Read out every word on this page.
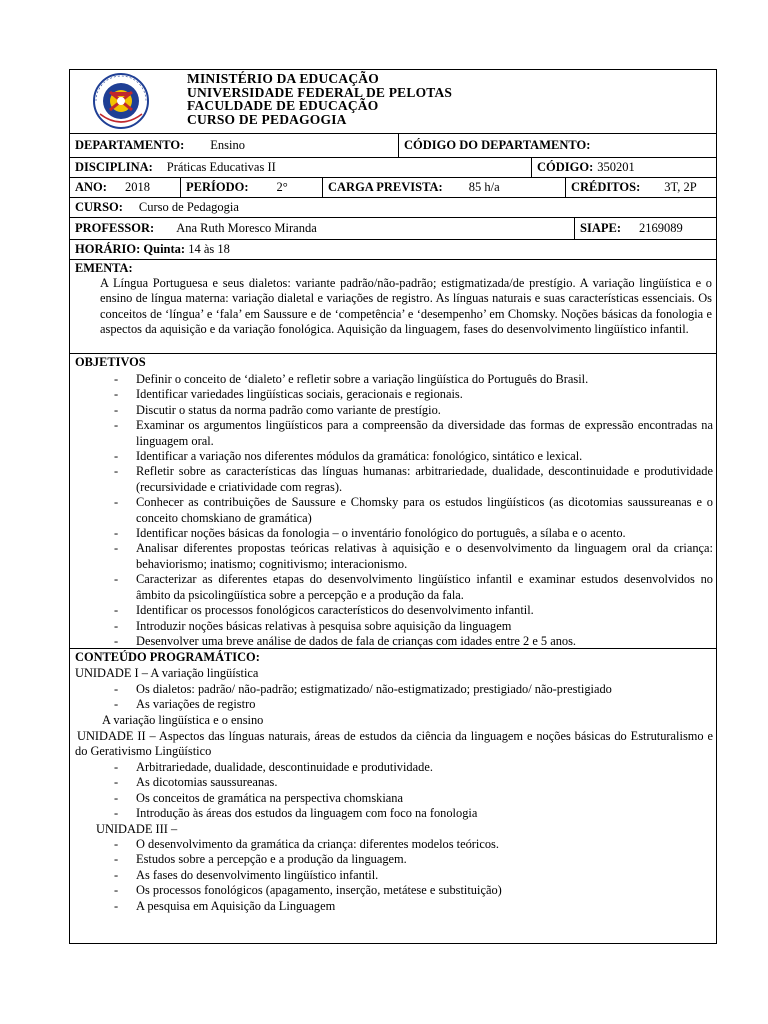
MINISTÉRIO DA EDUCAÇÃO
UNIVERSIDADE FEDERAL DE PELOTAS
FACULDADE DE EDUCAÇÃO
CURSO DE PEDAGOGIA
DEPARTAMENTO: Ensino	CÓDIGO DO DEPARTAMENTO:
DISCIPLINA: Práticas Educativas II	CÓDIGO: 350201
ANO: 2018	PERÍODO: 2°	CARGA PREVISTA: 85 h/a	CRÉDITOS: 3T, 2P
CURSO: Curso de Pedagogia
PROFESSOR: Ana Ruth Moresco Miranda	SIAPE: 2169089
HORÁRIO: Quinta: 14 às 18
EMENTA:
A Língua Portuguesa e seus dialetos: variante padrão/não-padrão; estigmatizada/de prestígio. A variação lingüística e o ensino de língua materna: variação dialetal e variações de registro. As línguas naturais e suas características essenciais. Os conceitos de ‘língua’ e ‘fala’ em Saussure e de ‘competência’ e ‘desempenho’ em Chomsky. Noções básicas da fonologia e aspectos da aquisição e da variação fonológica. Aquisição da linguagem, fases do desenvolvimento lingüístico infantil.
OBJETIVOS
- Definir o conceito de ‘dialeto’ e refletir sobre a variação lingüística do Português do Brasil.
- Identificar variedades lingüísticas sociais, geracionais e regionais.
- Discutir o status da norma padrão como variante de prestígio.
- Examinar os argumentos lingüísticos para a compreensão da diversidade das formas de expressão encontradas na linguagem oral.
- Identificar a variação nos diferentes módulos da gramática: fonológico, sintático e lexical.
- Refletir sobre as características das línguas humanas: arbitrariedade, dualidade, descontinuidade e produtividade (recursividade e criatividade com regras).
- Conhecer as contribuições de Saussure e Chomsky para os estudos lingüísticos (as dicotomias saussureanas e o conceito chomskiano de gramática)
- Identificar noções básicas da fonologia – o inventário fonológico do português, a sílaba e o acento.
- Analisar diferentes propostas teóricas relativas à aquisição e o desenvolvimento da linguagem oral da criança: behaviorismo; inatismo; cognitivismo; interacionismo.
- Caracterizar as diferentes etapas do desenvolvimento lingüístico infantil e examinar estudos desenvolvidos no âmbito da psicolingüística sobre a percepção e a produção da fala.
- Identificar os processos fonológicos característicos do desenvolvimento infantil.
- Introduzir noções básicas relativas à pesquisa sobre aquisição da linguagem
- Desenvolver uma breve análise de dados de fala de crianças com idades entre 2 e 5 anos.
CONTEÚDO PROGRAMÁTICO:
UNIDADE I – A variação lingüística
- Os dialetos: padrão/ não-padrão; estigmatizado/ não-estigmatizado; prestigiado/ não-prestigiado
- As variações de registro
A variação lingüística e o ensino
UNIDADE II – Aspectos das línguas naturais, áreas de estudos da ciência da linguagem e noções básicas do Estruturalismo e do Gerativismo Lingüístico
- Arbitrariedade, dualidade, descontinuidade e produtividade.
- As dicotomias saussureanas.
- Os conceitos de gramática na perspectiva chomskiana
- Introdução às áreas dos estudos da linguagem com foco na fonologia
UNIDADE III –
- O desenvolvimento da gramática da criança: diferentes modelos teóricos.
- Estudos sobre a percepção e a produção da linguagem.
- As fases do desenvolvimento lingüístico infantil.
- Os processos fonológicos (apagamento, inserção, metátese e substituição)
- A pesquisa em Aquisição da Linguagem
